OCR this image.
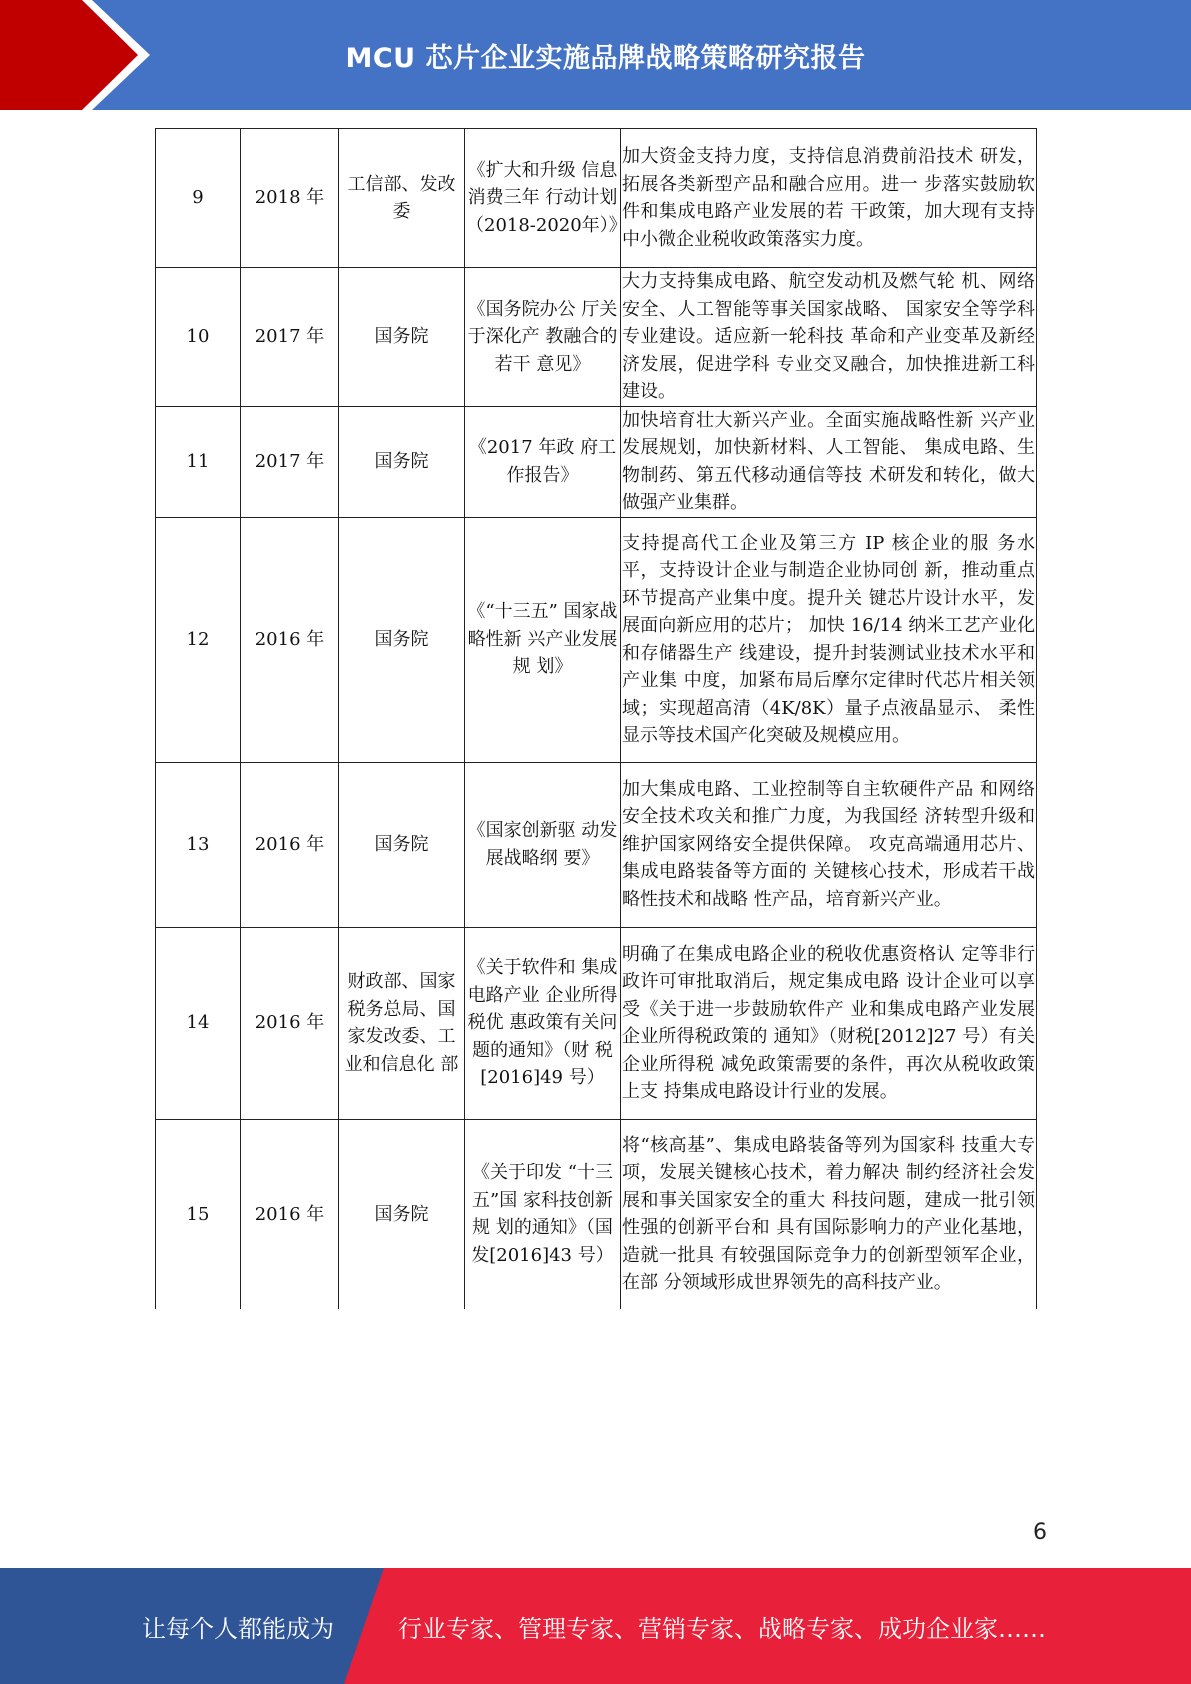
MCU 芯片企业实施品牌战略策略研究报告
9	2018 年	工信部、发改委	《扩大和升级 信息消费三年 行动计划（2018-2020年）》	加大资金支持力度，支持信息消费前沿技术 研发，拓展各类新型产品和融合应用。进一 步落实鼓励软件和集成电路产业发展的若 干政策，加大现有支持中小微企业税收政策落实力度。
10	2017 年	国务院	《国务院办公 厅关于深化产 教融合的若干 意见》	大力支持集成电路、航空发动机及燃气轮 机、网络安全、人工智能等事关国家战略、 国家安全等学科专业建设。适应新一轮科技 革命和产业变革及新经济发展，促进学科 专业交叉融合，加快推进新工科建设。
11	2017 年	国务院	《2017 年政 府工作报告》	加快培育壮大新兴产业。全面实施战略性新 兴产业发展规划，加快新材料、人工智能、 集成电路、生物制药、第五代移动通信等技 术研发和转化，做大做强产业集群。
12	2016 年	国务院	《“十三五” 国家战略性新 兴产业发展规 划》	支持提高代工企业及第三方 IP 核企业的服 务水平，支持设计企业与制造企业协同创 新，推动重点环节提高产业集中度。提升关 键芯片设计水平，发展面向新应用的芯片； 加快 16/14 纳米工艺产业化和存储器生产 线建设，提升封装测试业技术水平和产业集 中度，加紧布局后摩尔定律时代芯片相关领 域；实现超高清（4K/8K）量子点液晶显示、 柔性显示等技术国产化突破及规模应用。
13	2016 年	国务院	《国家创新驱 动发展战略纲 要》	加大集成电路、工业控制等自主软硬件产品 和网络安全技术攻关和推广力度，为我国经 济转型升级和维护国家网络安全提供保障。 攻克高端通用芯片、集成电路装备等方面的 关键核心技术，形成若干战略性技术和战略 性产品，培育新兴产业。
14	2016 年	财政部、国家税务总局、国家发改委、工业和信息化 部	《关于软件和 集成电路产业 企业所得税优 惠政策有关问 题的通知》（财 税[2016]49 号）	明确了在集成电路企业的税收优惠资格认 定等非行政许可审批取消后，规定集成电路 设计企业可以享受《关于进一步鼓励软件产 业和集成电路产业发展企业所得税政策的 通知》（财税[2012]27 号）有关企业所得税 减免政策需要的条件，再次从税收政策上支 持集成电路设计行业的发展。
15	2016 年	国务院	《关于印发 “十三五”国 家科技创新规 划的通知》（国 发[2016]43 号）	将“核高基”、集成电路装备等列为国家科 技重大专项，发展关键核心技术，着力解决 制约经济社会发展和事关国家安全的重大 科技问题，建成一批引领性强的创新平台和 具有国际影响力的产业化基地，造就一批具 有较强国际竞争力的创新型领军企业，在部 分领域形成世界领先的高科技产业。
6
让每个人都能成为	行业专家、管理专家、营销专家、战略专家、成功企业家……
